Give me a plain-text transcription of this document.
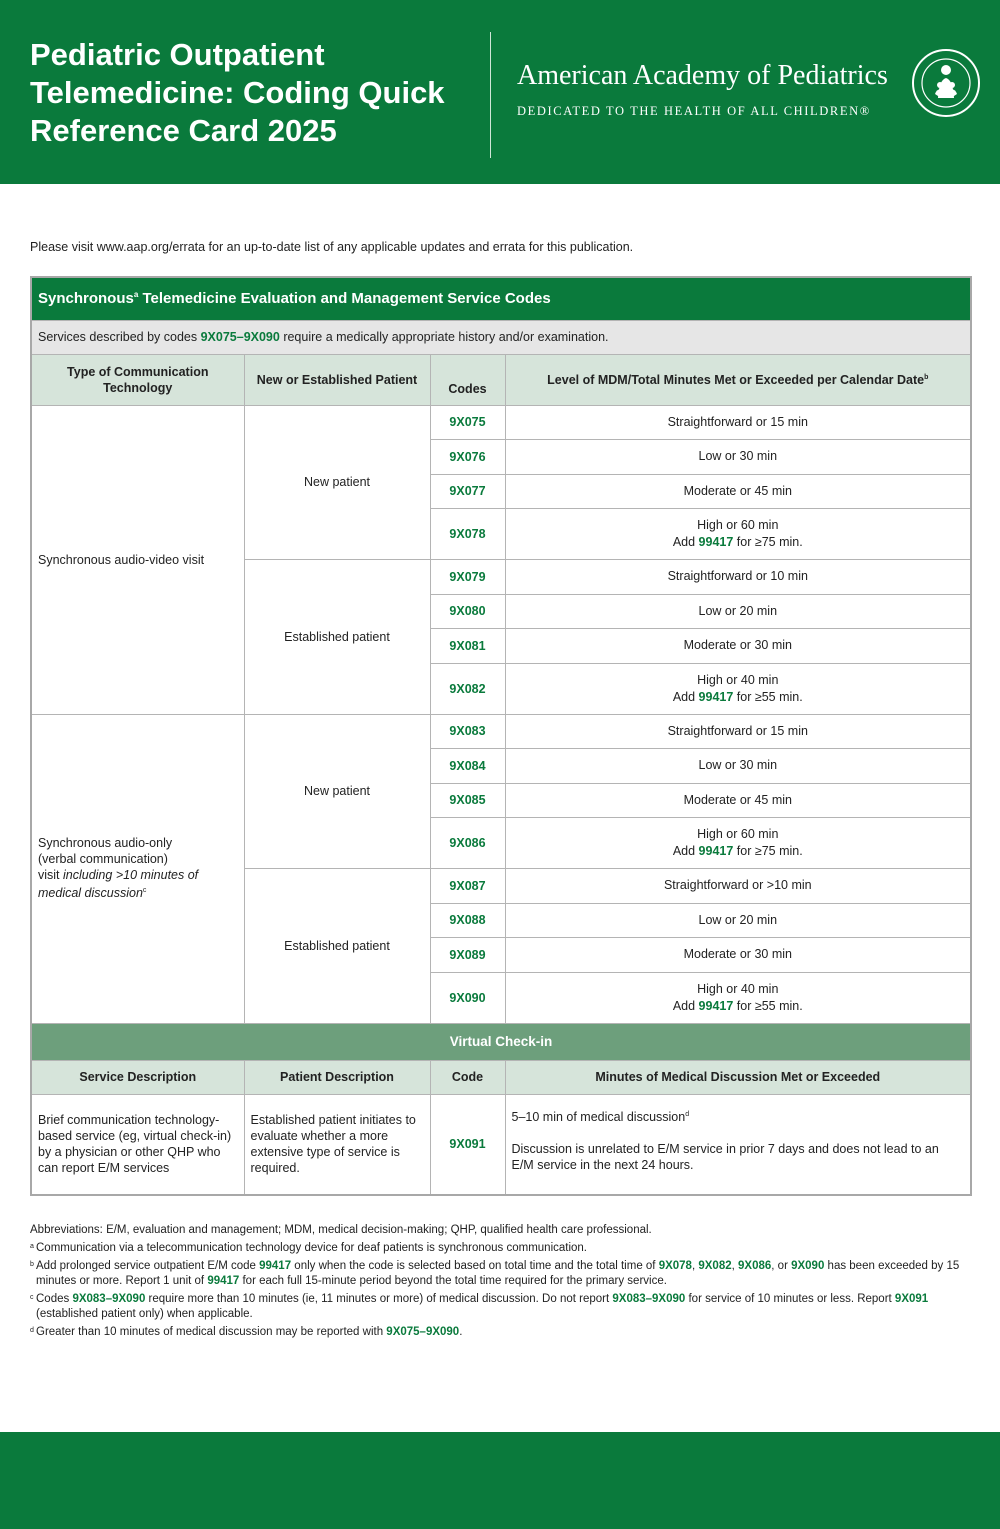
Pediatric Outpatient
Telemedicine: Coding Quick
Reference Card 2025
American Academy of Pediatrics
DEDICATED TO THE HEALTH OF ALL CHILDREN®
Please visit www.aap.org/errata for an up-to-date list of any applicable updates and errata for this publication.
Synchronous$^a$ Telemedicine Evaluation and Management Service Codes			
Services described by codes 9X075–9X090 require a medically appropriate history and/or examination.			
Type of Communication Technology	New or Established Patient	Codes	Level of MDM/Total Minutes Met or Exceeded per Calendar Date$^b$
Synchronous audio-video visit	New patient	9X075	Straightforward or 15 min
		9X076	Low or 30 min
		9X077	Moderate or 45 min
		9X078	High or 60 min
Add 99417 for ≥75 min.

	Established patient	9X079	Straightforward or 10 min
		9X080	Low or 20 min
		9X081	Moderate or 30 min
		9X082	High or 40 min
Add 99417 for ≥55 min.

Synchronous audio-only
(verbal communication)
visit including >10 minutes of medical discussion$^c$	New patient	9X083	Straightforward or 15 min
		9X084	Low or 30 min
		9X085	Moderate or 45 min
		9X086	High or 60 min
Add 99417 for ≥75 min.

	Established patient	9X087	Straightforward or >10 min
		9X088	Low or 20 min
		9X089	Moderate or 30 min
		9X090	High or 40 min
Add 99417 for ≥55 min.

Virtual Check-in			
Service Description	Patient Description	Code	Minutes of Medical Discussion Met or Exceeded
Brief communication technology-based service (eg, virtual check-in) by a physician or other QHP who can report E/M services	Established patient initiates to evaluate whether a more extensive type of service is required.	9X091	5–10 min of medical discussion$^d$

Discussion is unrelated to E/M service in prior 7 days and does not lead to an E/M service in the next 24 hours.

Abbreviations: E/M, evaluation and management; MDM, medical decision-making; QHP, qualified health care professional.
a Communication via a telecommunication technology device for deaf patients is synchronous communication.
b Add prolonged service outpatient E/M code 99417 only when the code is selected based on total time and the total time of 9X078, 9X082, 9X086, or 9X090 has been exceeded by 15 minutes or more. Report 1 unit of 99417 for each full 15-minute period beyond the total time required for the primary service.
c Codes 9X083–9X090 require more than 10 minutes (ie, 11 minutes or more) of medical discussion. Do not report 9X083–9X090 for service of 10 minutes or less. Report 9X091 (established patient only) when applicable.
d Greater than 10 minutes of medical discussion may be reported with 9X075–9X090.
